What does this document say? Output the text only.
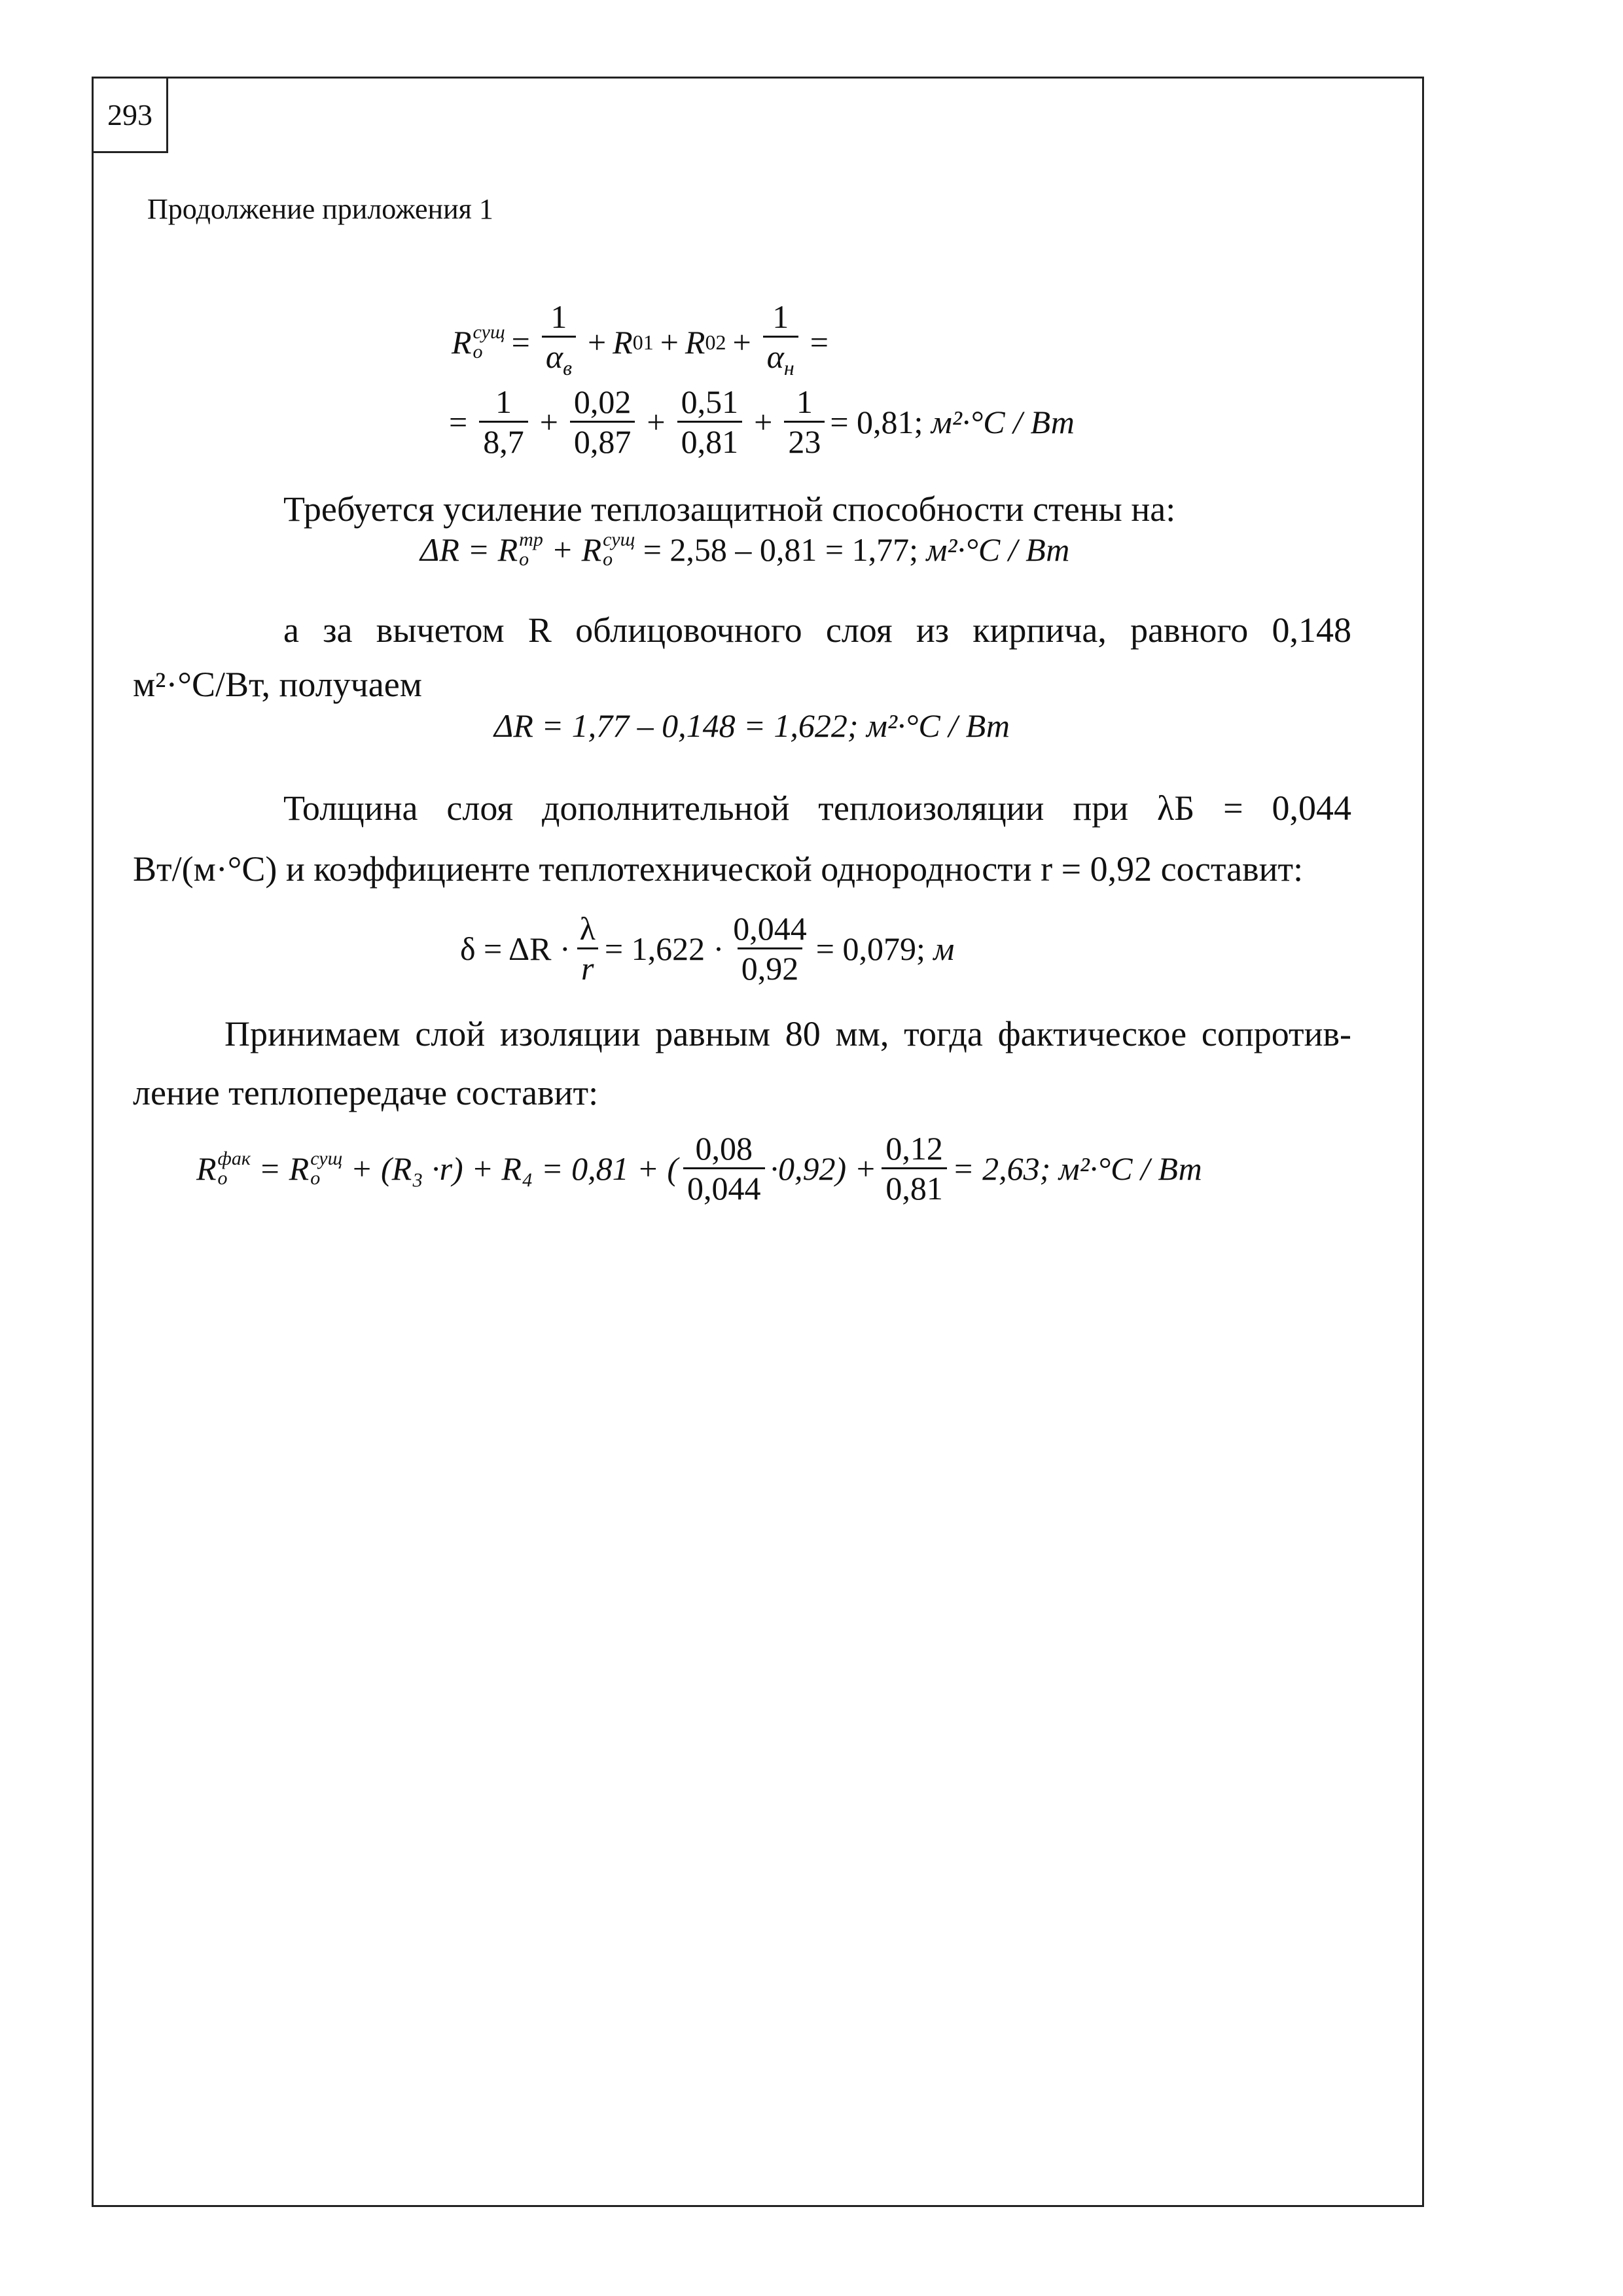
293
Продолжение приложения 1
R сущ
$о = \frac{1}{\alpha_в} + R$ 01 + R $02 + \frac{1}{\alpha_н}$ =
= $\frac{1}{8,7} + \frac{0,02}{0,87} + \frac{0,51}{0,81} + \frac{1}{23} = 0,81$;
м²·°C / Вт
Требуется усиление теплозащитной способности стены на:
ΔR = R тр
о
+ R сущ
о
= 2,58 – 0,81 = 1,77;
м²·°C / Вт
а за вычетом R облицовочного слоя из кирпича, равного 0,148
м²·°С/Вт, получаем
ΔR = 1,77 – 0,148 = 1,622;
м²·°C / Вт
Толщина слоя дополнительной теплоизоляции при λБ = 0,044
Вт/(м·°С) и коэффициенте теплотехнической однородности r = 0,92 составит:
$\delta = \Delta R \cdot \frac{\lambda}{r} = 1,622 \cdot \frac{0,044}{0,92} = 0,079$;
м
Принимаем слой изоляции равным 80 мм, тогда фактическое сопротив-
ление теплопередаче составит:
R фак
о
= R сущ
о
+ (R₃ ·r) + R₄ = 0,81 + ( $\frac{0,08}{0,044} \cdot 0,92) + \frac{0,12}{0,81} = 2,63$;
м²·°C / Вт
